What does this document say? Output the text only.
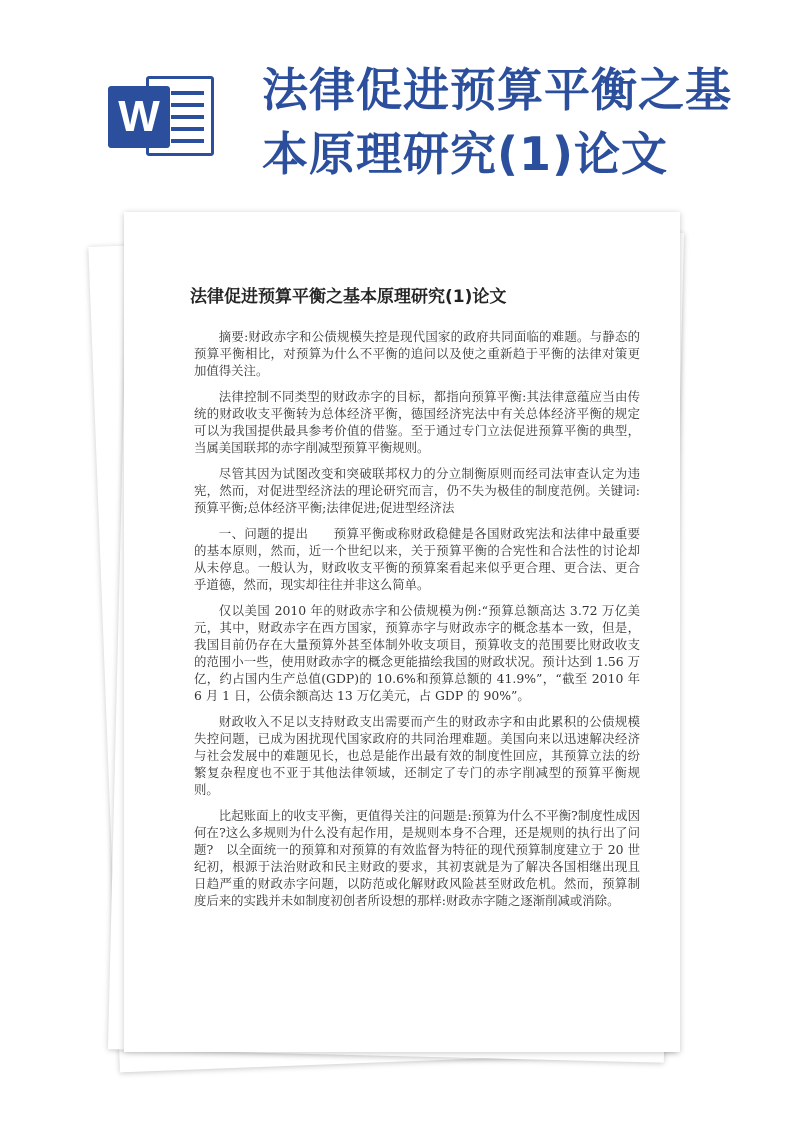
W 法律促进预算平衡之基本原理研究(1)论文
法律促进预算平衡之基本原理研究(1)论文

摘要:财政赤字和公债规模失控是现代国家的政府共同面临的难题。与静态的预算平衡相比，对预算为什么不平衡的追问以及使之重新趋于平衡的法律对策更加值得关注。

法律控制不同类型的财政赤字的目标，都指向预算平衡:其法律意蕴应当由传统的财政收支平衡转为总体经济平衡，德国经济宪法中有关总体经济平衡的规定可以为我国提供最具参考价值的借鉴。至于通过专门立法促进预算平衡的典型，当属美国联邦的赤字削减型预算平衡规则。

尽管其因为试图改变和突破联邦权力的分立制衡原则而经司法审查认定为违宪，然而，对促进型经济法的理论研究而言，仍不失为极佳的制度范例。关键词: 预算平衡;总体经济平衡;法律促进;促进型经济法

一、问题的提出　　预算平衡或称财政稳健是各国财政宪法和法律中最重要的基本原则，然而，近一个世纪以来，关于预算平衡的合宪性和合法性的讨论却从未停息。一般认为，财政收支平衡的预算案看起来似乎更合理、更合法、更合乎道德，然而，现实却往往并非这么简单。

仅以美国 2010 年的财政赤字和公债规模为例:“预算总额高达 3.72 万亿美元，其中，财政赤字在西方国家，预算赤字与财政赤字的概念基本一致，但是，我国目前仍存在大量预算外甚至体制外收支项目，预算收支的范围要比财政收支的范围小一些，使用财政赤字的概念更能描绘我国的财政状况。预计达到 1.56 万亿，约占国内生产总值(GDP)的 10.6%和预算总额的 41.9%”，“截至 2010 年 6 月 1 日，公债余额高达 13 万亿美元，占 GDP 的 90%”。

财政收入不足以支持财政支出需要而产生的财政赤字和由此累积的公债规模失控问题，已成为困扰现代国家政府的共同治理难题。美国向来以迅速解决经济与社会发展中的难题见长，也总是能作出最有效的制度性回应，其预算立法的纷繁复杂程度也不亚于其他法律领域，还制定了专门的赤字削减型的预算平衡规则。

比起账面上的收支平衡，更值得关注的问题是:预算为什么不平衡?制度性成因何在?这么多规则为什么没有起作用，是规则本身不合理，还是规则的执行出了问题?　以全面统一的预算和对预算的有效监督为特征的现代预算制度建立于 20 世纪初，根源于法治财政和民主财政的要求，其初衷就是为了解决各国相继出现且日趋严重的财政赤字问题，以防范或化解财政风险甚至财政危机。然而，预算制度后来的实践并未如制度初创者所设想的那样:财政赤字随之逐渐削减或消除。
